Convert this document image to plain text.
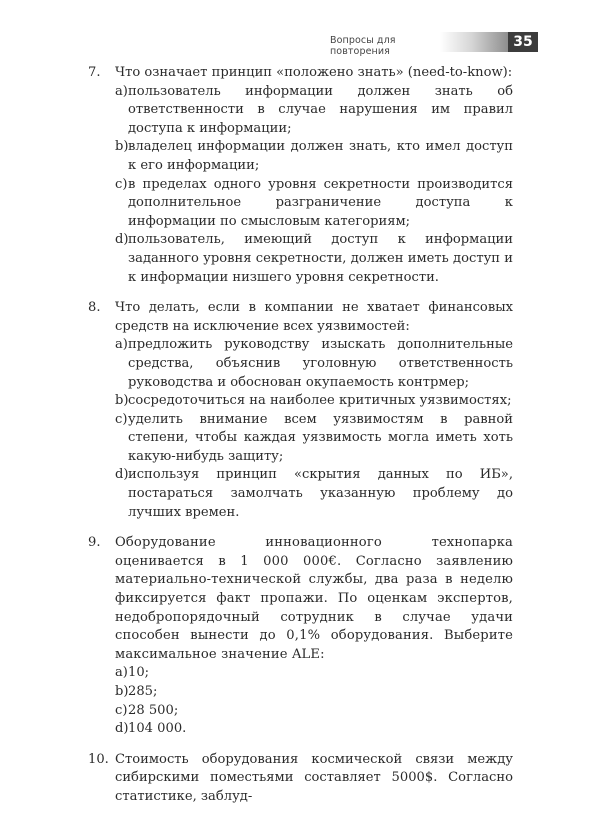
Вопросы для повторения
35
7. Что означает принцип «положено знать» (need-to-know):
a) пользователь информации должен знать об ответственности в случае нарушения им правил доступа к информации;
b) владелец информации должен знать, кто имел доступ к его информации;
c) в пределах одного уровня секретности производится дополнительное разграничение доступа к информации по смысловым категориям;
d) пользователь, имеющий доступ к информации заданного уровня секретности, должен иметь доступ и к информации низшего уровня секретности.
8. Что делать, если в компании не хватает финансовых средств на исключение всех уязвимостей:
a) предложить руководству изыскать дополнительные средства, объяснив уголовную ответственность руководства и обоснован окупаемость контрмер;
b) сосредоточиться на наиболее критичных уязвимостях;
c) уделить внимание всем уязвимостям в равной степени, чтобы каждая уязвимость могла иметь хоть какую-нибудь защиту;
d) используя принцип «скрытия данных по ИБ», постараться замолчать указанную проблему до лучших времен.
9. Оборудование инновационного технопарка оценивается в 1 000 000€. Согласно заявлению материально-технической службы, два раза в неделю фиксируется факт пропажи. По оценкам экспертов, недобропорядочный сотрудник в случае удачи способен вынести до 0,1% оборудования. Выберите максимальное значение ALE:
a) 10;
b) 285;
c) 28 500;
d) 104 000.
10. Стоимость оборудования космической связи между сибирскими поместьями составляет 5000$. Согласно статистике, заблуд-
